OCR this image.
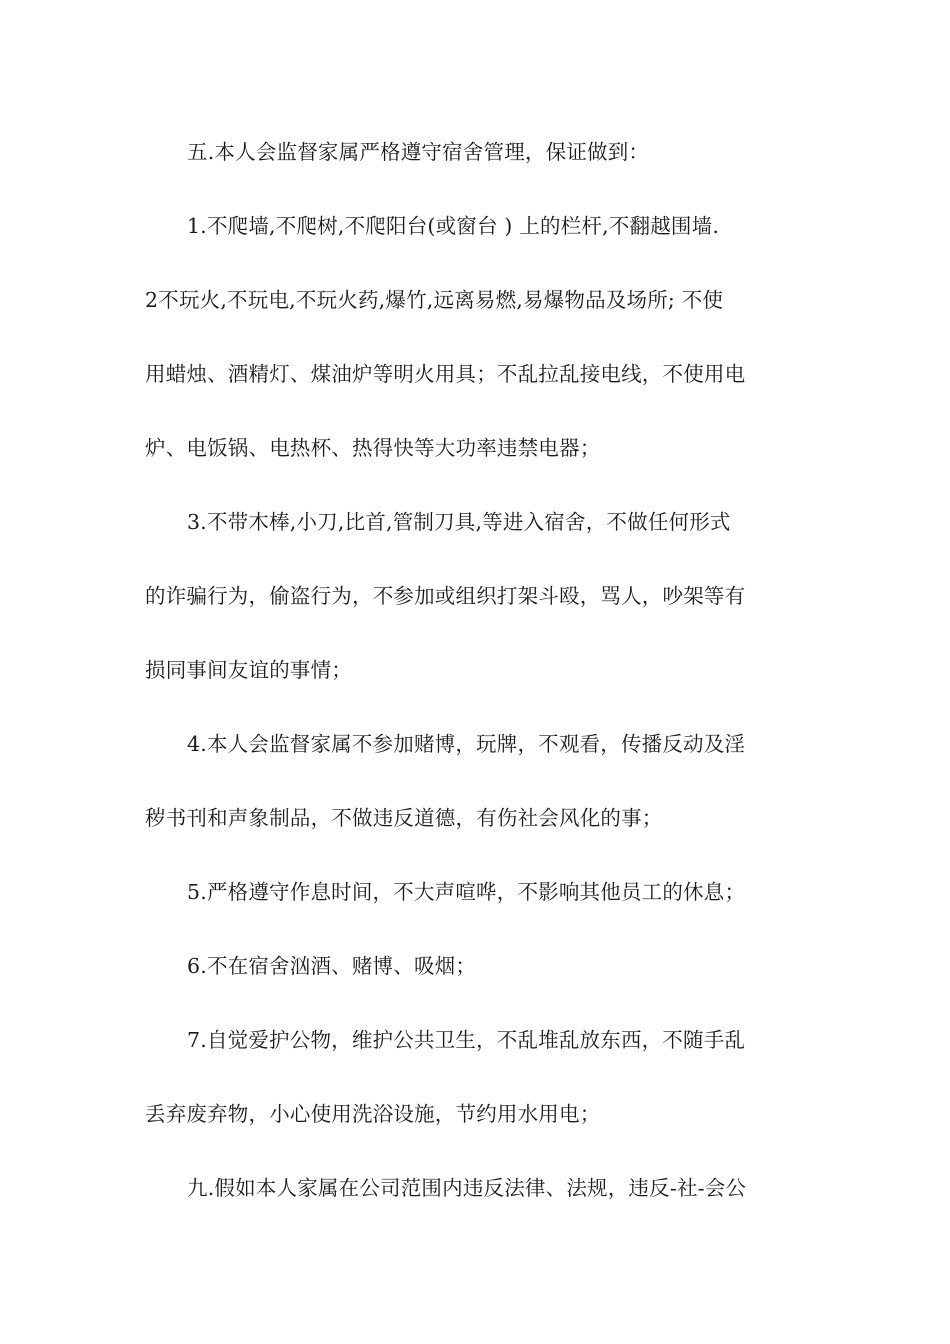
五.本人会监督家属严格遵守宿舍管理，保证做到：
1.不爬墙,不爬树,不爬阳台(或窗台 ) 上的栏杆,不翻越围墙.
2不玩火,不玩电,不玩火药,爆竹,远离易燃,易爆物品及场所; 不使
用蜡烛、酒精灯、煤油炉等明火用具；不乱拉乱接电线，不使用电
炉、电饭锅、电热杯、热得快等大功率违禁电器；
3.不带木棒,小刀,比首,管制刀具,等进入宿舍，不做任何形式
的诈骗行为，偷盗行为，不参加或组织打架斗殴，骂人，吵架等有
损同事间友谊的事情；
4.本人会监督家属不参加赌博，玩牌，不观看，传播反动及淫
秽书刊和声象制品，不做违反道德，有伤社会风化的事；
5.严格遵守作息时间，不大声喧哗，不影响其他员工的休息；
6.不在宿舍汹酒、赌博、吸烟；
7.自觉爱护公物，维护公共卫生，不乱堆乱放东西，不随手乱
丢弃废弃物，小心使用洗浴设施，节约用水用电；
九.假如本人家属在公司范围内违反法律、法规，违反-社-会公
